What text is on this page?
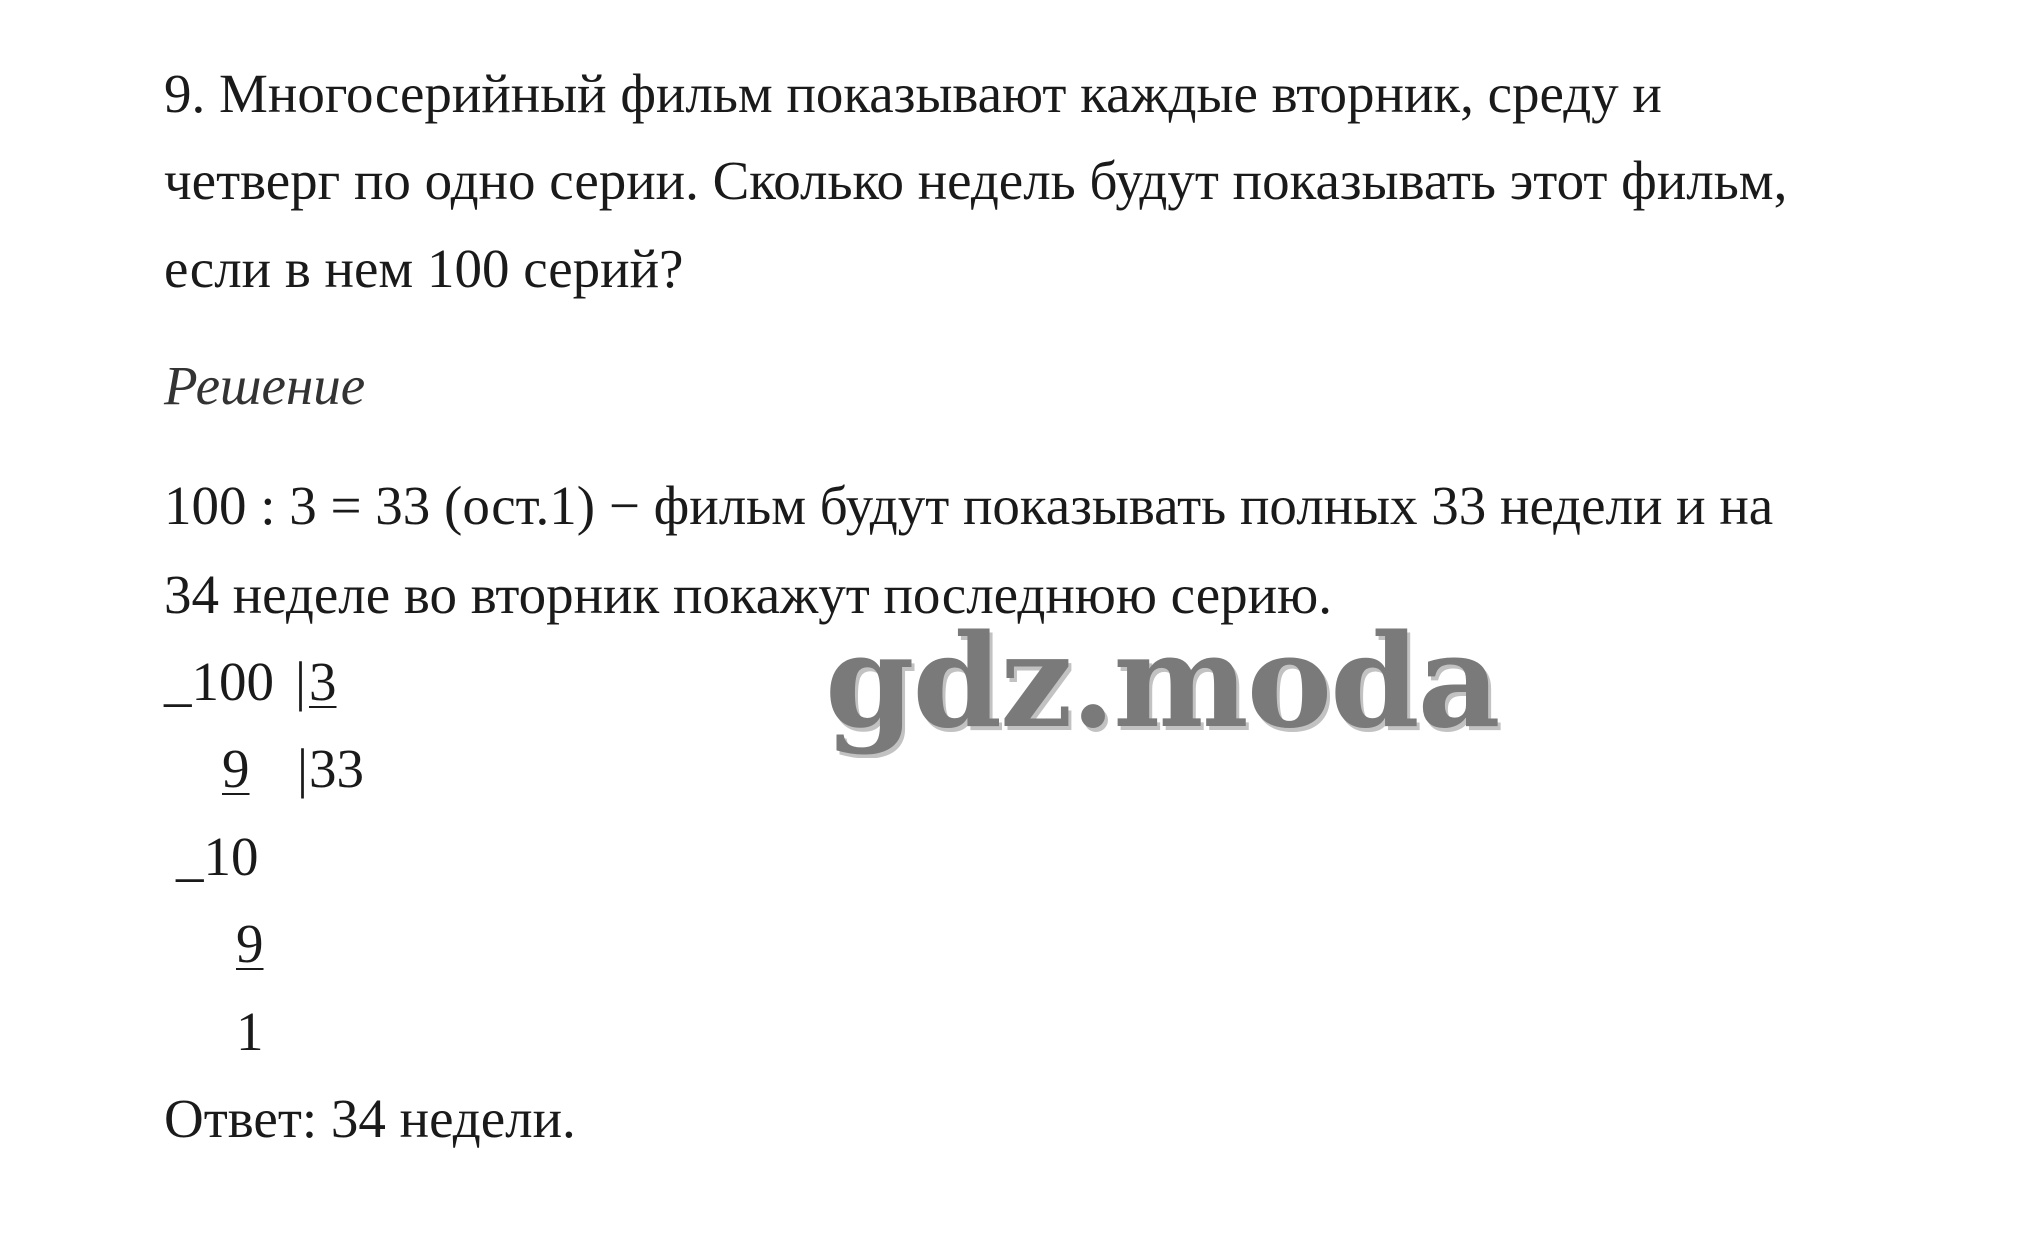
9. Многосерийный фильм показывают каждые вторник, среду и
четверг по одно серии. Сколько недель будут показывать этот фильм,
если в нем 100 серий?
Решение
100 : 3 = 33 (ост.1) − фильм будут показывать полных 33 недели и на
34 неделе во вторник покажут последнюю серию.
_100 | 3
9 | 33
_10
9
1
Ответ: 34 недели.
gdz.moda
